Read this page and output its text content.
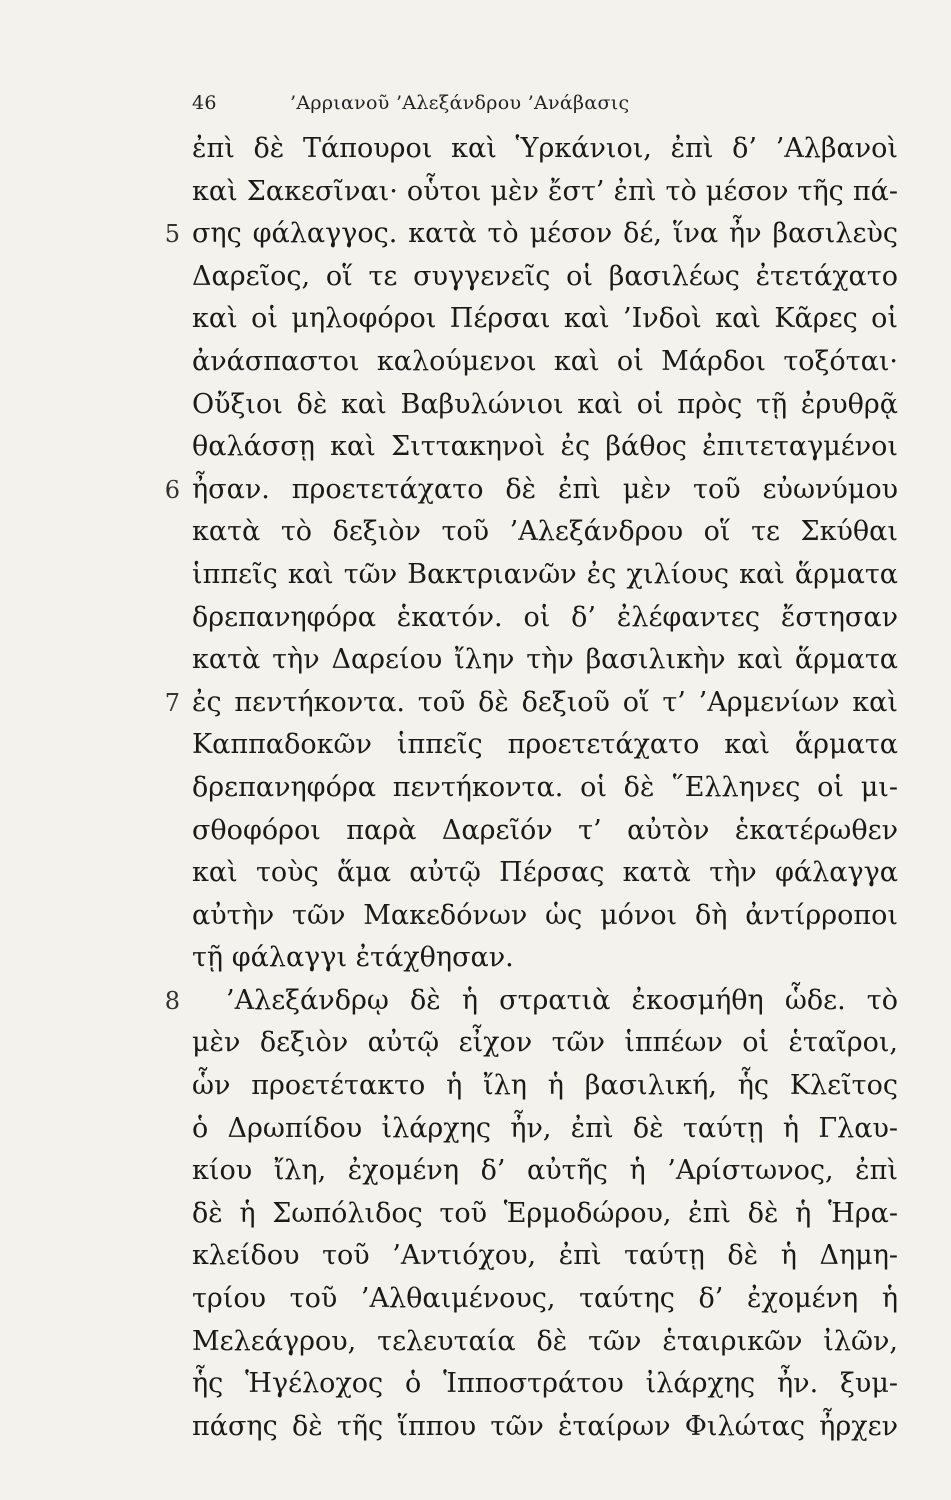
46	’Αρριανοῦ ’Αλεξάνδρου ’Ανάβασις
ἐπὶ δὲ Τάπουροι καὶ Ὑρκάνιοι, ἐπὶ δ’ ’Αλβανοὶ
καὶ Σακεσῖναι· οὗτοι μὲν ἔστ’ ἐπὶ τὸ μέσον τῆς πά-
5 σης φάλαγγος. κατὰ τὸ μέσον δέ, ἵνα ἦν βασιλεὺς
Δαρεῖος, οἵ τε συγγενεῖς οἱ βασιλέως ἐτετάχατο
καὶ οἱ μηλοφόροι Πέρσαι καὶ ’Ινδοὶ καὶ Κᾶρες οἱ
ἀνάσπαστοι καλούμενοι καὶ οἱ Μάρδοι τοξόται·
Οὔξιοι δὲ καὶ Βαβυλώνιοι καὶ οἱ πρὸς τῇ ἐρυθρᾷ
θαλάσσῃ καὶ Σιττακηνοὶ ἐς βάθος ἐπιτεταγμένοι
6 ἦσαν. προετετάχατο δὲ ἐπὶ μὲν τοῦ εὐωνύμου
κατὰ τὸ δεξιὸν τοῦ ’Αλεξάνδρου οἵ τε Σκύθαι
ἱππεῖς καὶ τῶν Βακτριανῶν ἐς χιλίους καὶ ἅρματα
δρεπανηφόρα ἑκατόν. οἱ δ’ ἐλέφαντες ἔστησαν
κατὰ τὴν Δαρείου ἴλην τὴν βασιλικὴν καὶ ἅρματα
7 ἐς πεντήκοντα. τοῦ δὲ δεξιοῦ οἵ τ’ ’Αρμενίων καὶ
Καππαδοκῶν ἱππεῖς προετετάχατο καὶ ἅρματα
δρεπανηφόρα πεντήκοντα. οἱ δὲ ῞Ελληνες οἱ μι-
σθοφόροι παρὰ Δαρεῖόν τ’ αὐτὸν ἑκατέρωθεν
καὶ τοὺς ἅμα αὐτῷ Πέρσας κατὰ τὴν φάλαγγα
αὐτὴν τῶν Μακεδόνων ὡς μόνοι δὴ ἀντίρροποι
τῇ φάλαγγι ἐτάχθησαν.
8 ’Αλεξάνδρῳ δὲ ἡ στρατιὰ ἐκοσμήθη ὧδε. τὸ
μὲν δεξιὸν αὐτῷ εἶχον τῶν ἱππέων οἱ ἑταῖροι,
ὧν προετέτακτο ἡ ἴλη ἡ βασιλική, ἧς Κλεῖτος
ὁ Δρωπίδου ἰλάρχης ἦν, ἐπὶ δὲ ταύτῃ ἡ Γλαυ-
κίου ἴλη, ἐχομένη δ’ αὐτῆς ἡ ’Αρίστωνος, ἐπὶ
δὲ ἡ Σωπόλιδος τοῦ Ἑρμοδώρου, ἐπὶ δὲ ἡ Ἡρα-
κλείδου τοῦ ’Αντιόχου, ἐπὶ ταύτῃ δὲ ἡ Δημη-
τρίου τοῦ ’Αλθαιμένους, ταύτης δ’ ἐχομένη ἡ
Μελεάγρου, τελευταία δὲ τῶν ἑταιρικῶν ἰλῶν,
ἧς Ἡγέλοχος ὁ Ἱπποστράτου ἰλάρχης ἦν. ξυμ-
πάσης δὲ τῆς ἵππου τῶν ἑταίρων Φιλώτας ἦρχεν
